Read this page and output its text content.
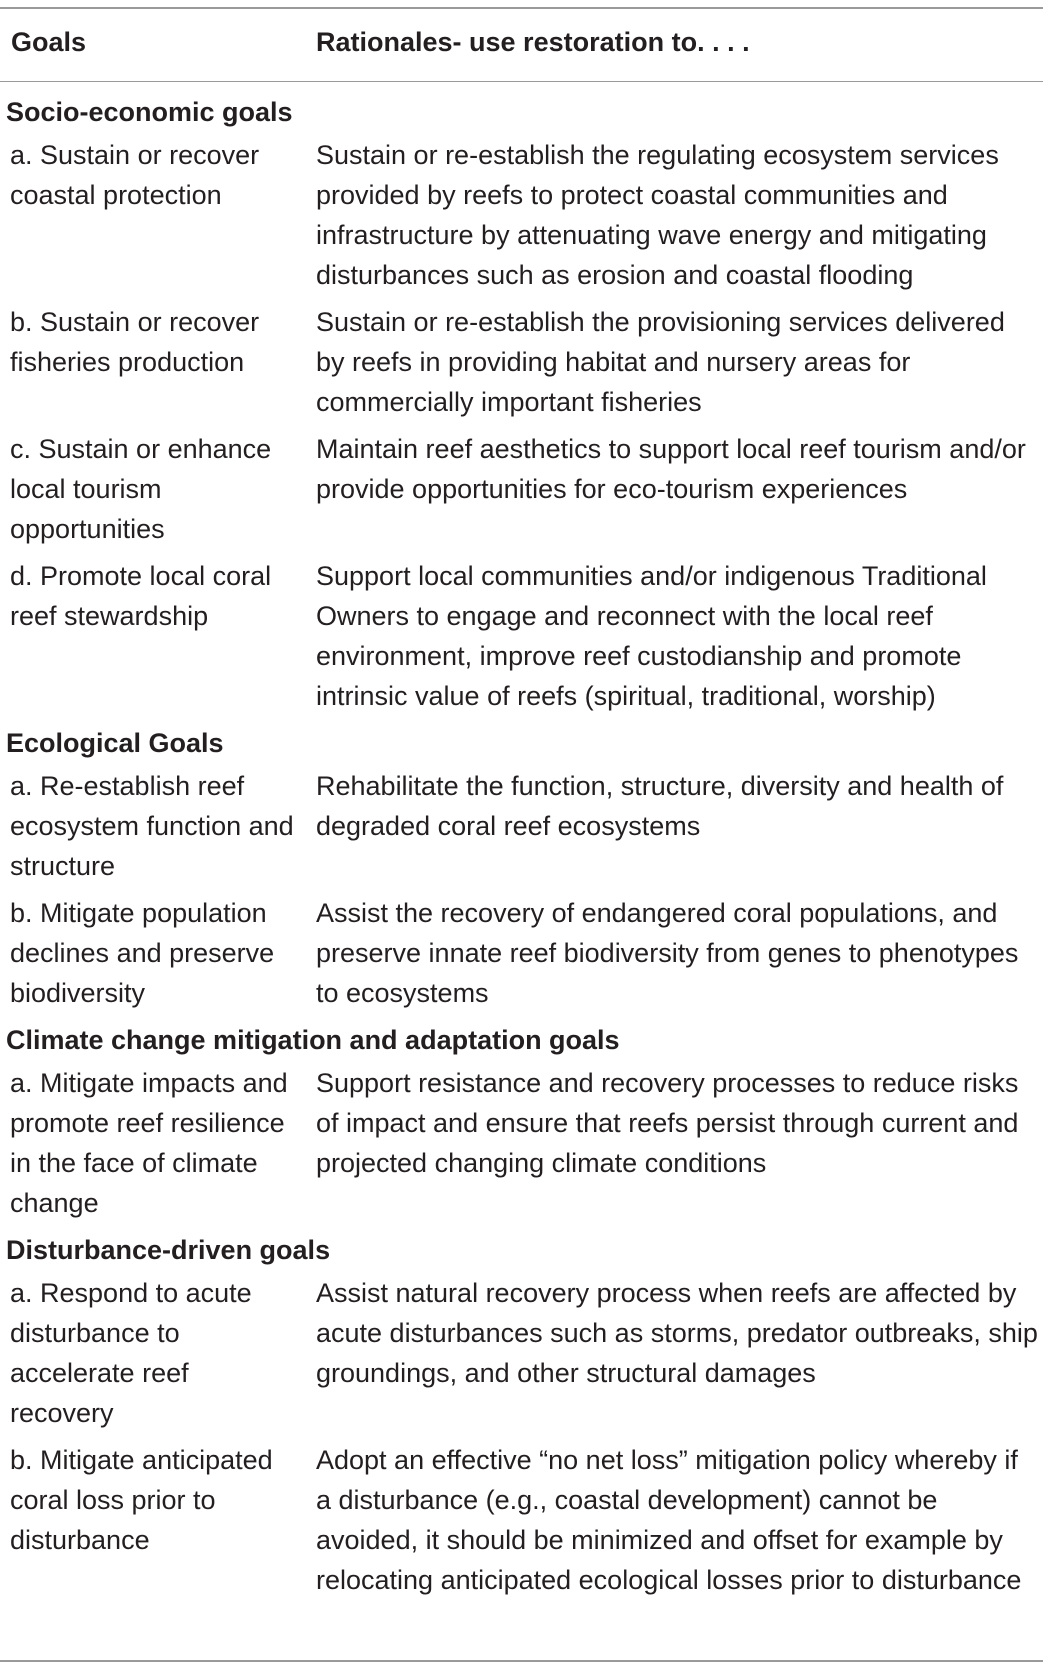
Goals	Rationales- use restoration to. . . .
Socio-economic goals
a. Sustain or recover coastal protection
Sustain or re-establish the regulating ecosystem services provided by reefs to protect coastal communities and infrastructure by attenuating wave energy and mitigating disturbances such as erosion and coastal flooding
b. Sustain or recover fisheries production
Sustain or re-establish the provisioning services delivered by reefs in providing habitat and nursery areas for commercially important fisheries
c. Sustain or enhance local tourism opportunities
Maintain reef aesthetics to support local reef tourism and/or provide opportunities for eco-tourism experiences
d. Promote local coral reef stewardship
Support local communities and/or indigenous Traditional Owners to engage and reconnect with the local reef environment, improve reef custodianship and promote intrinsic value of reefs (spiritual, traditional, worship)
Ecological Goals
a. Re-establish reef ecosystem function and structure
Rehabilitate the function, structure, diversity and health of degraded coral reef ecosystems
b. Mitigate population declines and preserve biodiversity
Assist the recovery of endangered coral populations, and preserve innate reef biodiversity from genes to phenotypes to ecosystems
Climate change mitigation and adaptation goals
a. Mitigate impacts and promote reef resilience in the face of climate change
Support resistance and recovery processes to reduce risks of impact and ensure that reefs persist through current and projected changing climate conditions
Disturbance-driven goals
a. Respond to acute disturbance to accelerate reef recovery
Assist natural recovery process when reefs are affected by acute disturbances such as storms, predator outbreaks, ship groundings, and other structural damages
b. Mitigate anticipated coral loss prior to disturbance
Adopt an effective “no net loss” mitigation policy whereby if a disturbance (e.g., coastal development) cannot be avoided, it should be minimized and offset for example by relocating anticipated ecological losses prior to disturbance
